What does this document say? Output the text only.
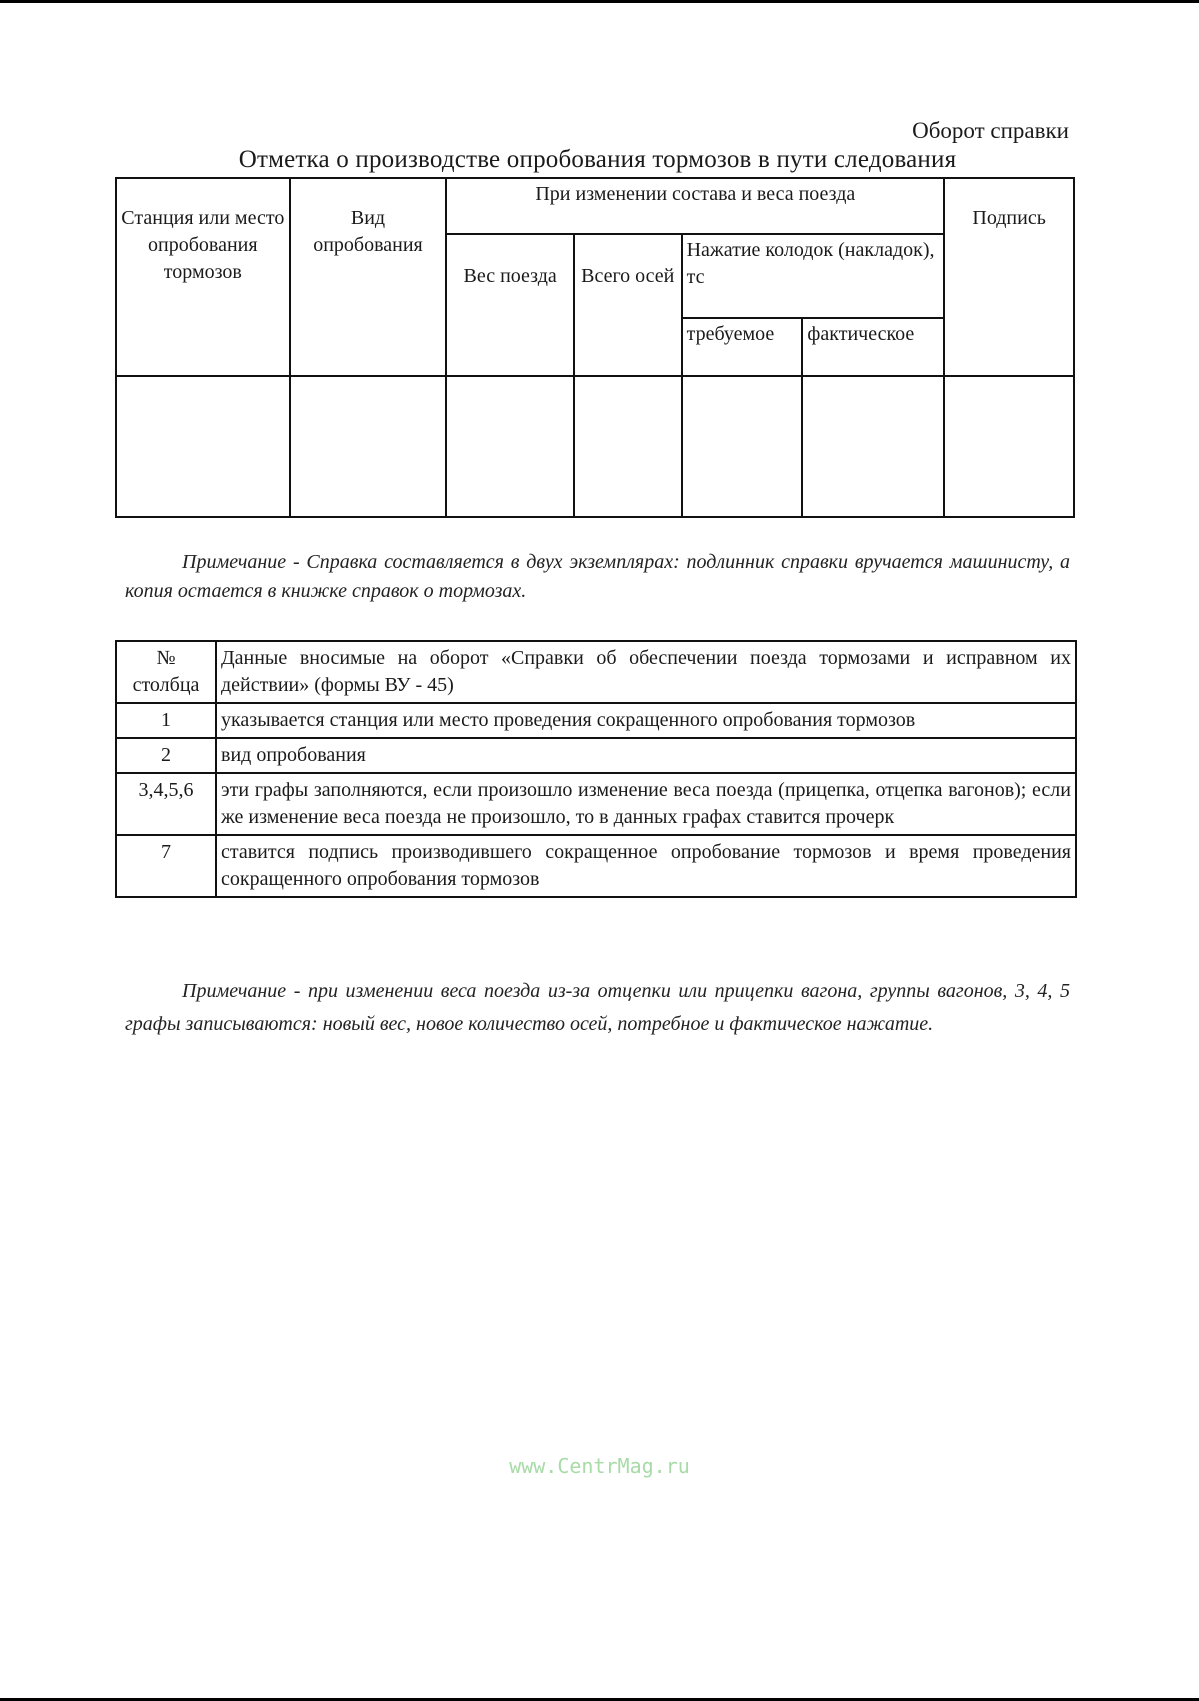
Оборот справки
Отметка о производстве опробования тормозов в пути следования
Станция или место опробования тормозов	Вид опробования	При изменении состава и веса поезда				Подпись
		Вес поезда	Всего осей	Нажатие колодок (накладок), тс		
				требуемое	фактическое	

Примечание - Справка составляется в двух экземплярах: подлинник справки вручается машинисту, а копия остается в книжке справок о тормозах.
№ столбца	Данные вносимые на оборот «Справки об обеспечении поезда тормозами и исправном их действии» (формы ВУ - 45)
1	указывается станция или место проведения сокращенного опробования тормозов
2	вид опробования
3,4,5,6	эти графы заполняются, если произошло изменение веса поезда (прицепка, отцепка вагонов); если же изменение веса поезда не произошло, то в данных графах ставится прочерк
7	ставится подпись производившего сокращенное опробование тормозов и время проведения сокращенного опробования тормозов
Примечание - при изменении веса поезда из-за отцепки или прицепки вагона, группы вагонов, 3, 4, 5 графы записываются: новый вес, новое количество осей, потребное и фактическое нажатие.
www.CentrMag.ru
